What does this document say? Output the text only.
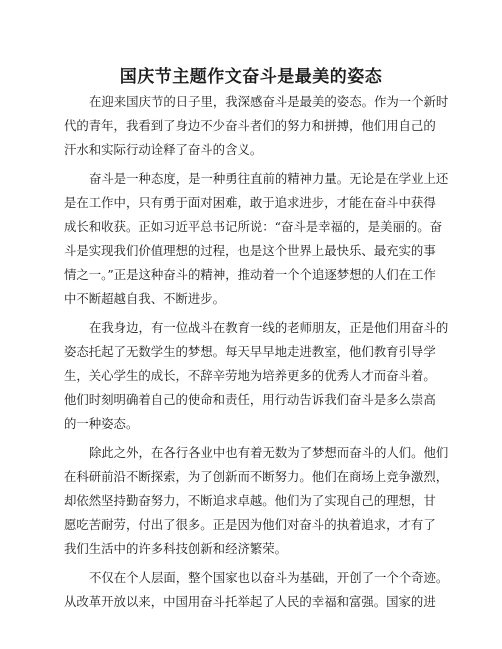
国庆节主题作文奋斗是最美的姿态
在迎来国庆节的日子里，我深感奋斗是最美的姿态。作为一个新时
代的青年，我看到了身边不少奋斗者们的努力和拼搏，他们用自己的
汗水和实际行动诠释了奋斗的含义。
奋斗是一种态度，是一种勇往直前的精神力量。无论是在学业上还
是在工作中，只有勇于面对困难，敢于追求进步，才能在奋斗中获得
成长和收获。正如习近平总书记所说：“奋斗是幸福的，是美丽的。奋
斗是实现我们价值理想的过程，也是这个世界上最快乐、最充实的事
情之一。”正是这种奋斗的精神，推动着一个个追逐梦想的人们在工作
中不断超越自我、不断进步。
在我身边，有一位战斗在教育一线的老师朋友，正是他们用奋斗的
姿态托起了无数学生的梦想。每天早早地走进教室，他们教育引导学
生，关心学生的成长，不辞辛劳地为培养更多的优秀人才而奋斗着。
他们时刻明确着自己的使命和责任，用行动告诉我们奋斗是多么崇高
的一种姿态。
除此之外，在各行各业中也有着无数为了梦想而奋斗的人们。他们
在科研前沿不断探索，为了创新而不断努力。他们在商场上竞争激烈，
却依然坚持勤奋努力，不断追求卓越。他们为了实现自己的理想，甘
愿吃苦耐劳，付出了很多。正是因为他们对奋斗的执着追求，才有了
我们生活中的许多科技创新和经济繁荣。
不仅在个人层面，整个国家也以奋斗为基础，开创了一个个奇迹。
从改革开放以来，中国用奋斗托举起了人民的幸福和富强。国家的进
